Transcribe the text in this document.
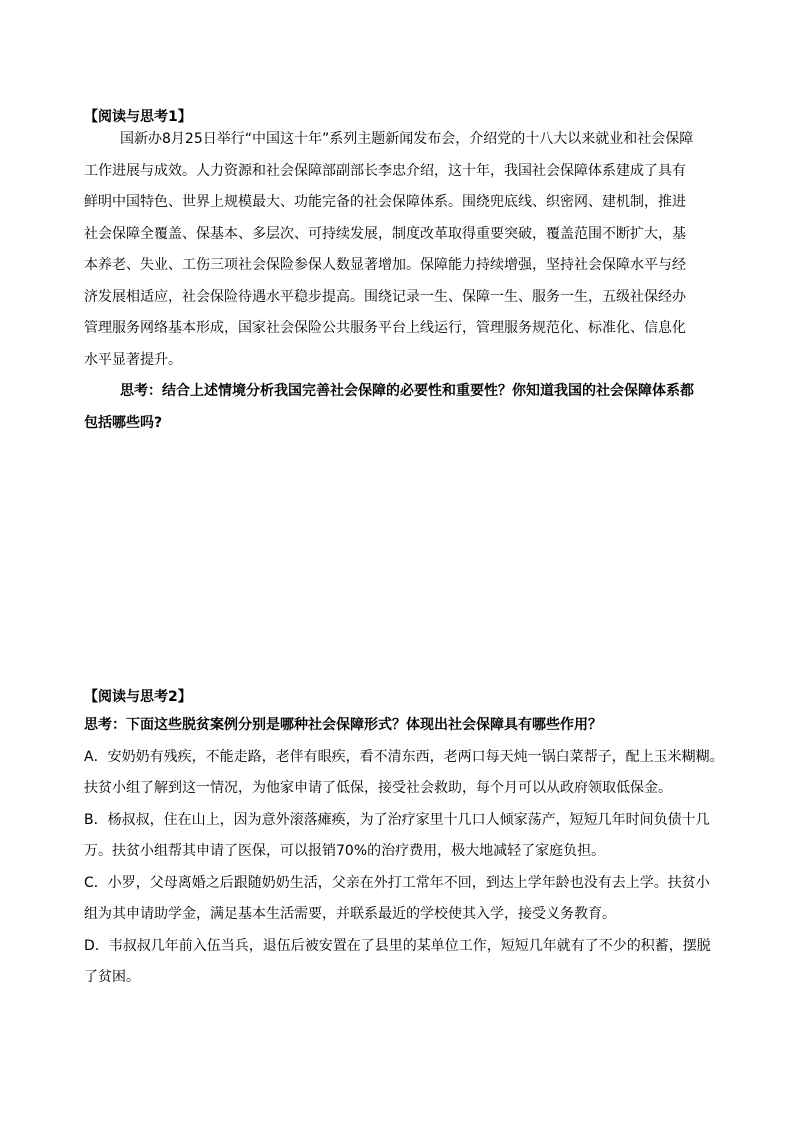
【阅读与思考1】
国新办8月25日举行“中国这十年”系列主题新闻发布会，介绍党的十八大以来就业和社会保障
工作进展与成效。人力资源和社会保障部副部长李忠介绍，这十年，我国社会保障体系建成了具有
鲜明中国特色、世界上规模最大、功能完备的社会保障体系。围绕兜底线、织密网、建机制，推进
社会保障全覆盖、保基本、多层次、可持续发展，制度改革取得重要突破，覆盖范围不断扩大，基
本养老、失业、工伤三项社会保险参保人数显著增加。保障能力持续增强，坚持社会保障水平与经
济发展相适应，社会保险待遇水平稳步提高。围绕记录一生、保障一生、服务一生，五级社保经办
管理服务网络基本形成，国家社会保险公共服务平台上线运行，管理服务规范化、标准化、信息化
水平显著提升。
思考：结合上述情境分析我国完善社会保障的必要性和重要性？你知道我国的社会保障体系都
包括哪些吗?
【阅读与思考2】
思考：下面这些脱贫案例分别是哪种社会保障形式？体现出社会保障具有哪些作用？
A．安奶奶有残疾，不能走路，老伴有眼疾，看不清东西，老两口每天炖一锅白菜帮子，配上玉米糊糊。
扶贫小组了解到这一情况，为他家申请了低保，接受社会救助，每个月可以从政府领取低保金。
B．杨叔叔，住在山上，因为意外滚落瘫痪，为了治疗家里十几口人倾家荡产，短短几年时间负债十几
万。扶贫小组帮其申请了医保，可以报销70%的治疗费用，极大地减轻了家庭负担。
C．小罗，父母离婚之后跟随奶奶生活，父亲在外打工常年不回，到达上学年龄也没有去上学。扶贫小
组为其申请助学金，满足基本生活需要，并联系最近的学校使其入学，接受义务教育。
D．韦叔叔几年前入伍当兵，退伍后被安置在了县里的某单位工作，短短几年就有了不少的积蓄，摆脱
了贫困。
